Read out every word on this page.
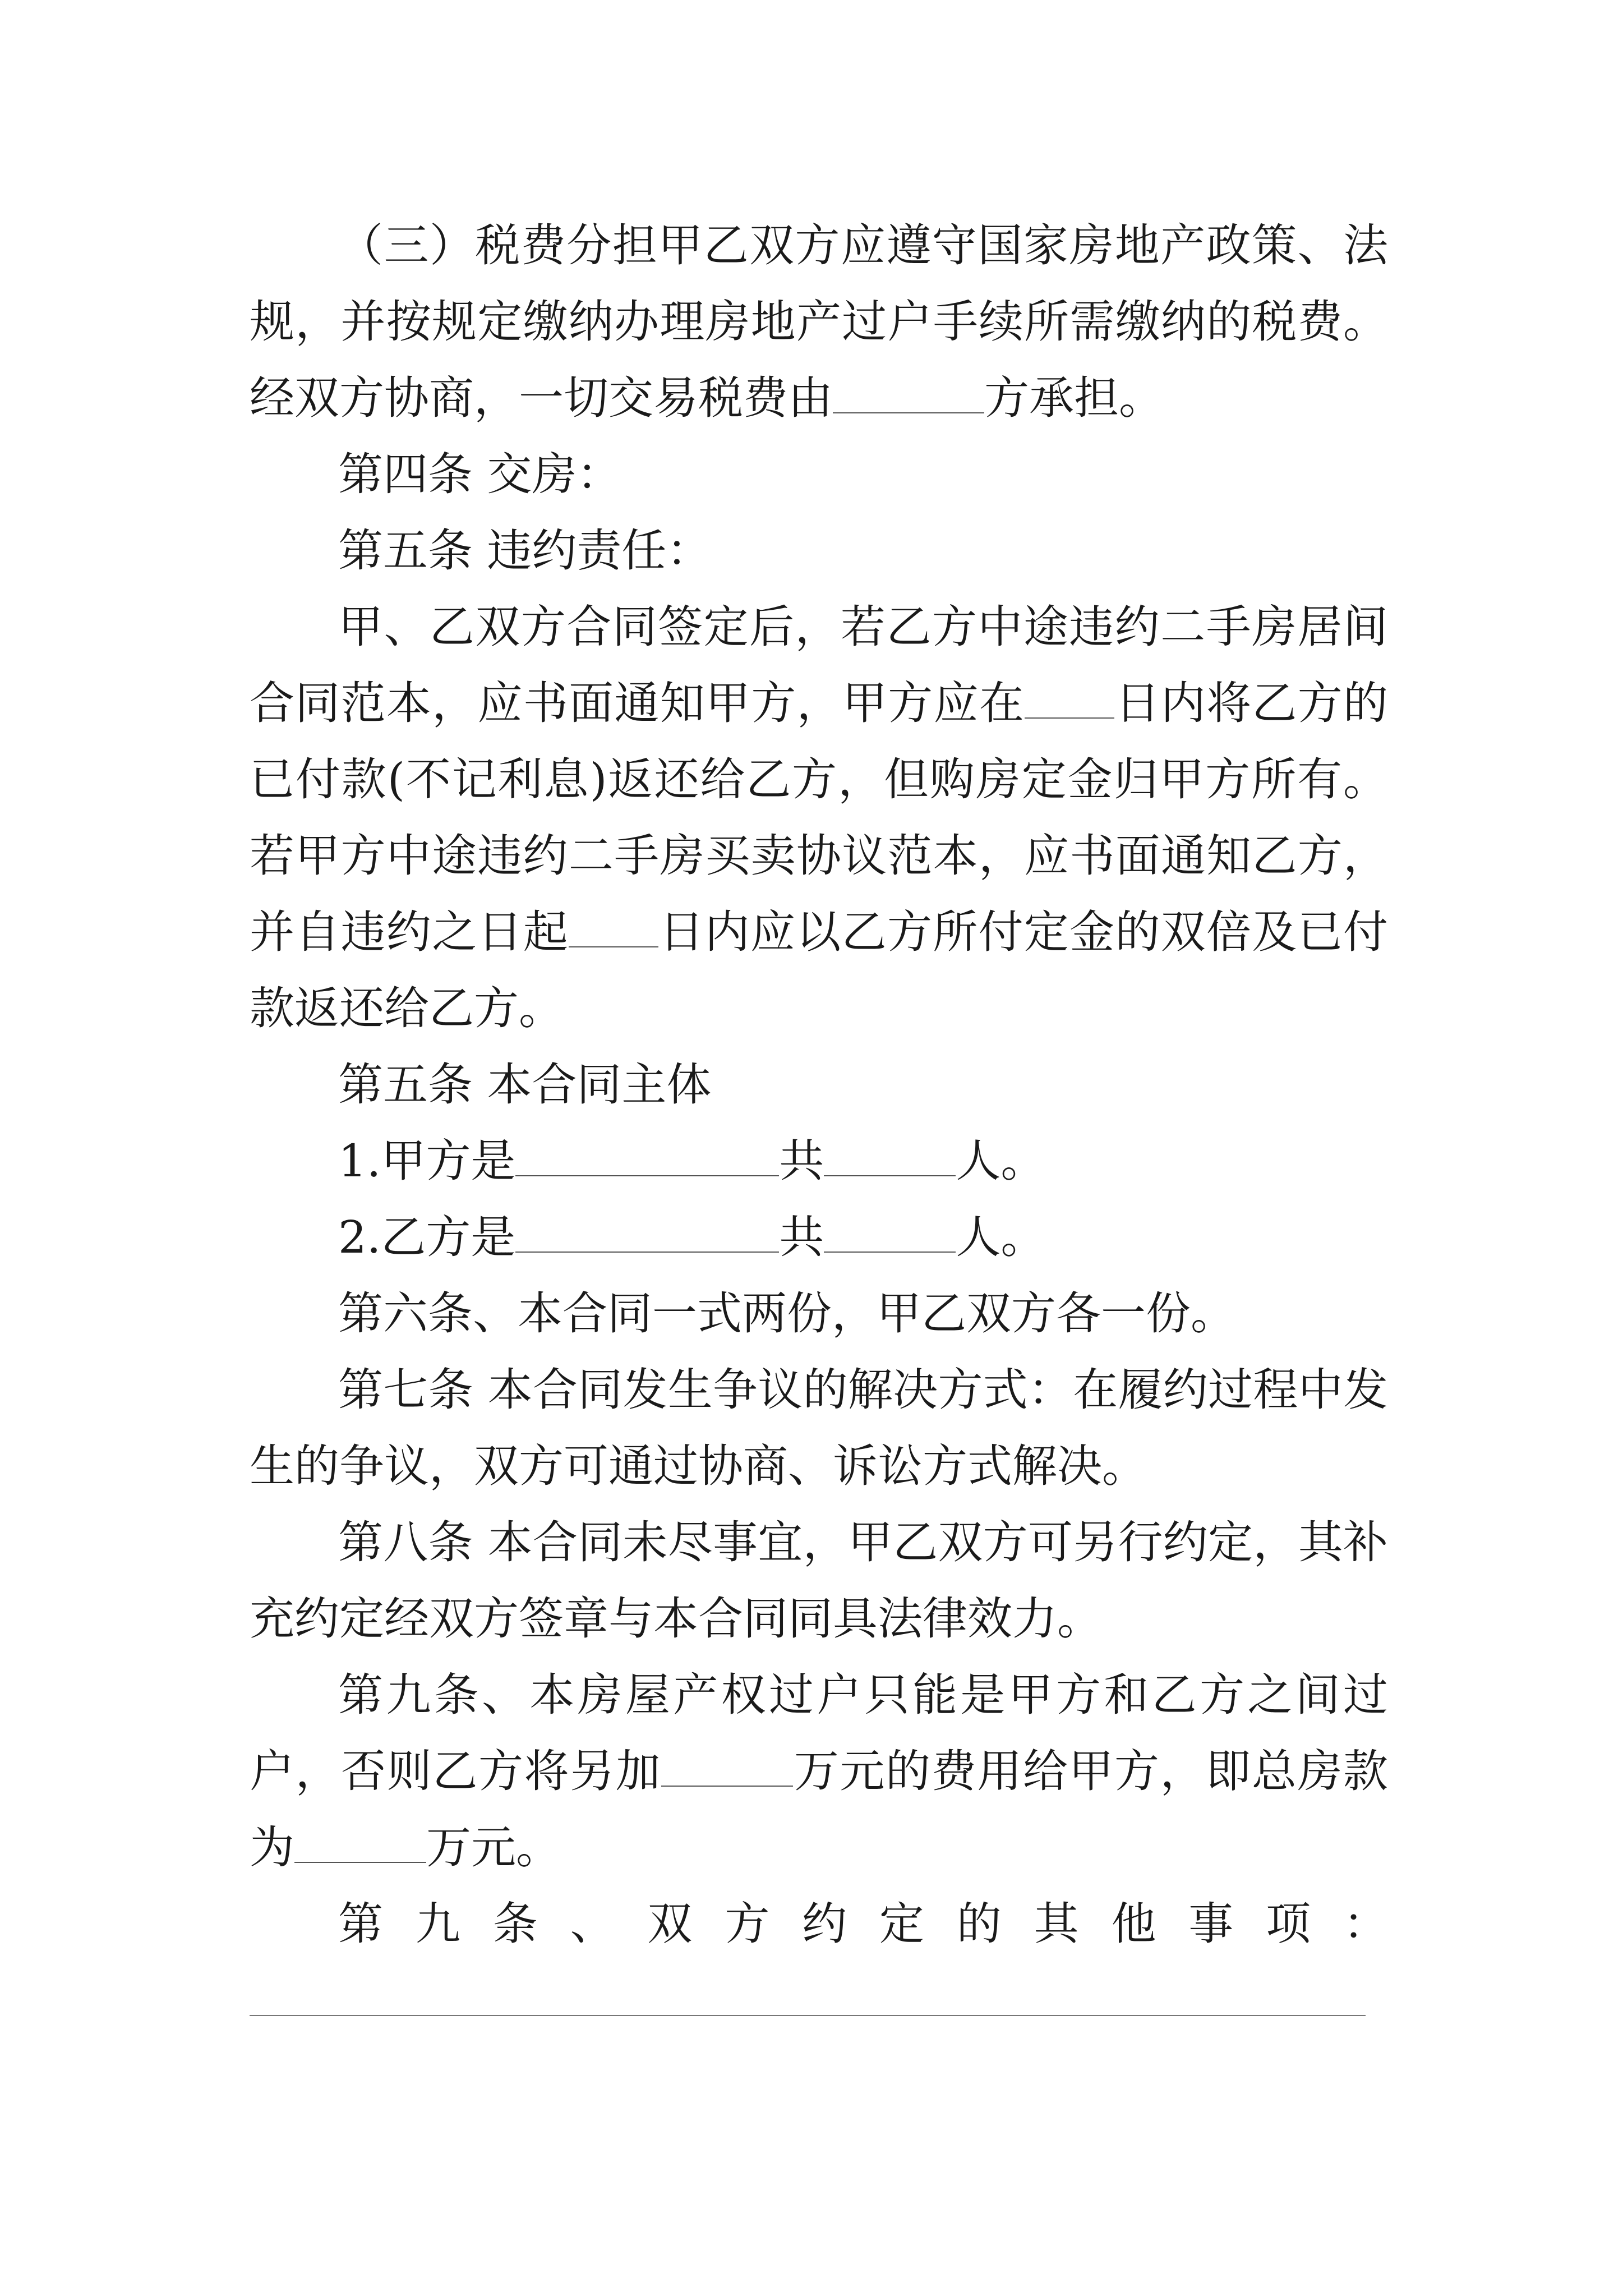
（三）税费分担甲乙双方应遵守国家房地产政策、法规，并按规定缴纳办理房地产过户手续所需缴纳的税费。经双方协商，一切交易税费由	方承担。

第四条 交房：

第五条 违约责任：

甲、乙双方合同签定后，若乙方中途违约二手房居间合同范本，应书面通知甲方，甲方应在 日内将乙方的已付款(不记利息)返还给乙方，但购房定金归甲方所有。若甲方中途违约二手房买卖协议范本，应书面通知乙方，并自违约之日起 日内应以乙方所付定金的双倍及已付款返还给乙方。

第五条 本合同主体

1.甲方是	共	人。

2.乙方是	共	人。

第六条、本合同一式两份，甲乙双方各一份。

第七条 本合同发生争议的解决方式：在履约过程中发生的争议，双方可通过协商、诉讼方式解决。

第八条 本合同未尽事宜，甲乙双方可另行约定，其补充约定经双方签章与本合同同具法律效力。

第九条、本房屋产权过户只能是甲方和乙方之间过户，否则乙方将另加	万元的费用给甲方，即总房款为	万元。

第九条、双方约定的其他事项：
